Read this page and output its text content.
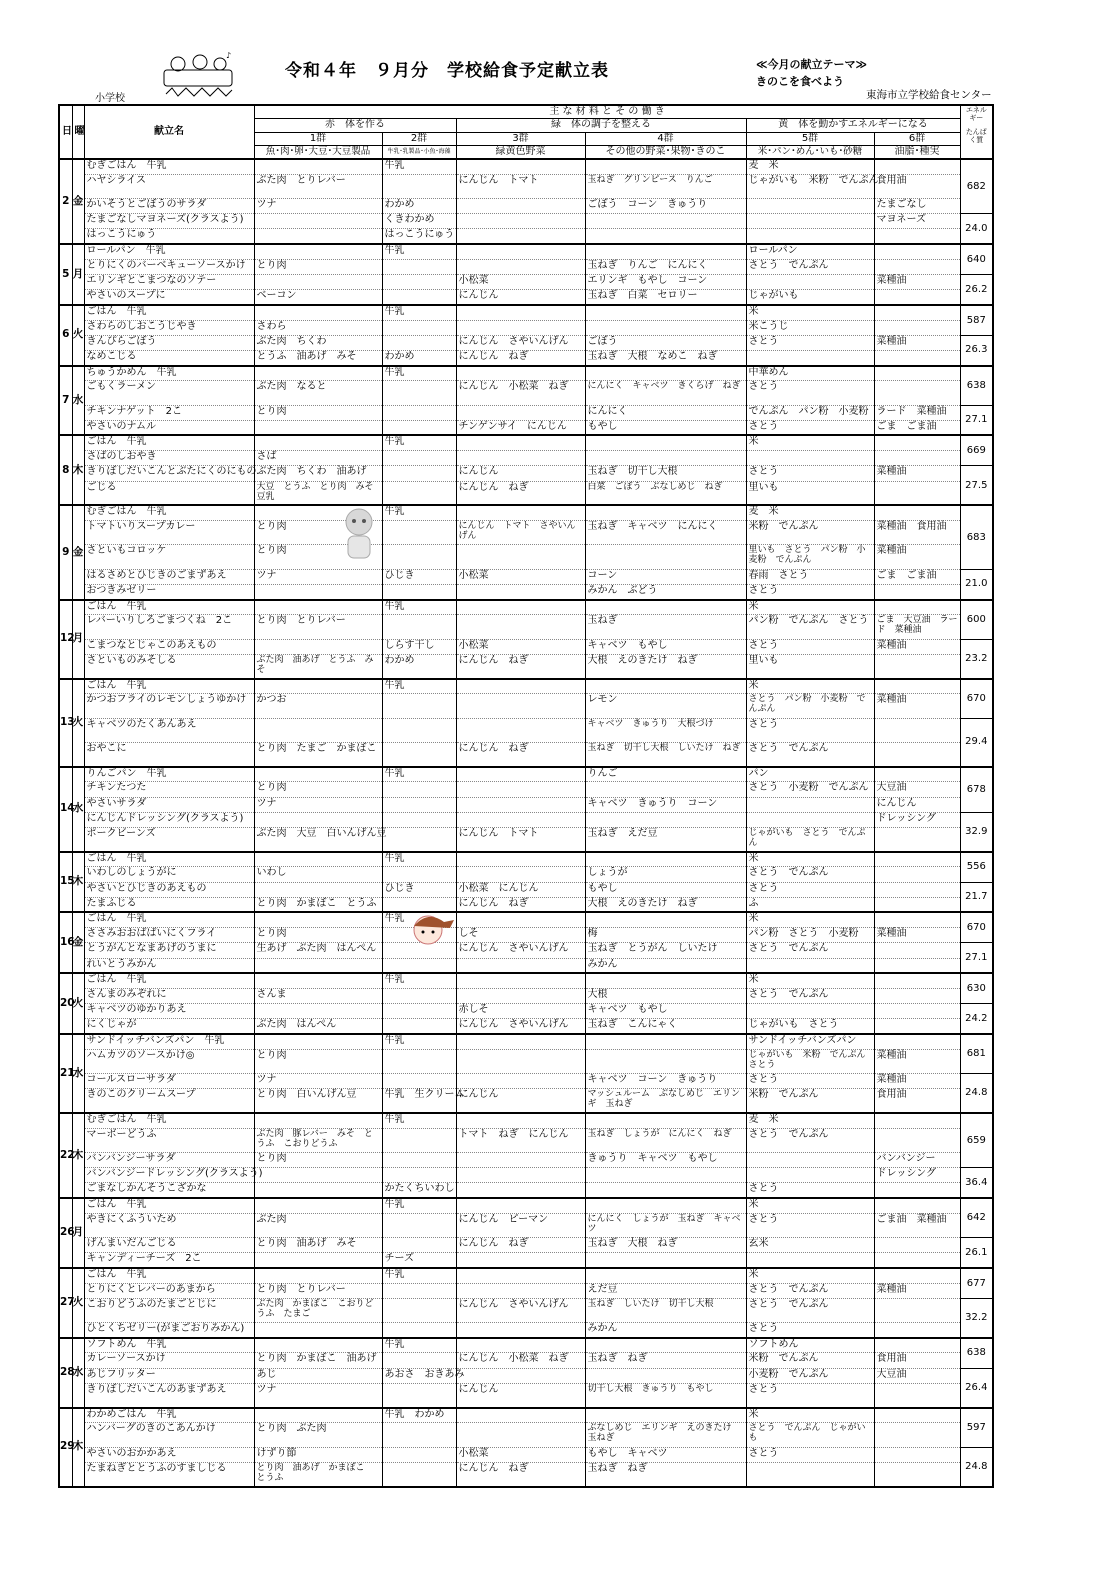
♪
令和４年　９月分　学校給食予定献立表	≪今月の献立テーマ≫
きのこを食べよう
小学校	東海市立学校給食センター
日	曜	献立名	主 な 材 料 と そ の 働 き						エネルギー
たんぱく質

			赤　体を作る		緑　体の調子を整える		黄　体を動かすエネルギーになる		
			1群	2群	3群	4群	5群	6群	
			魚･肉･卵･大豆･大豆製品	牛乳･乳製品･小魚･海藻	緑黄色野菜	その他の野菜･果物･きのこ	米･パン･めん･いも･砂糖	油脂･種実	
2	金	むぎごはん　牛乳		牛乳			麦　米		682
		ハヤシライス	ぶた肉　とりレバー		にんじん　トマト	玉ねぎ　グリンピース　りんご	じゃがいも　米粉　でんぷん	食用油	
		かいそうとごぼうのサラダ	ツナ	わかめ		ごぼう　コーン　きゅうり		たまごなし	
		たまごなしマヨネーズ(クラスよう)		くきわかめ				マヨネーズ	24.0
		はっこうにゅう		はっこうにゅう					
5	月	ロールパン　牛乳		牛乳			ロールパン		640
		とりにくのバーベキューソースかけ	とり肉			玉ねぎ　りんご　にんにく	さとう　でんぷん		
		エリンギとこまつなのソテー			小松菜	エリンギ　もやし　コーン		菜種油	26.2
		やさいのスープに	ベーコン		にんじん	玉ねぎ　白菜　セロリー	じゃがいも		
6	火	ごはん　牛乳		牛乳			米		587
		さわらのしおこうじやき	さわら				米こうじ		
		きんぴらごぼう	ぶた肉　ちくわ		にんじん　さやいんげん	ごぼう	さとう	菜種油	26.3
		なめこじる	とうふ　油あげ　みそ	わかめ	にんじん　ねぎ	玉ねぎ　大根　なめこ　ねぎ			
7	水	ちゅうかめん　牛乳		牛乳			中華めん		638
		ごもくラーメン	ぶた肉　なると		にんじん　小松菜　ねぎ	にんにく　キャベツ　きくらげ　ねぎ	さとう		
		チキンナゲット　2こ	とり肉			にんにく	でんぷん　パン粉　小麦粉	ラード　菜種油	27.1
		やさいのナムル			チンゲンサイ　にんじん	もやし	さとう	ごま　ごま油	
8	木	ごはん　牛乳		牛乳			米		669
		さばのしおやき	さば						
		きりぼしだいこんとぶたにくのにもの	ぶた肉　ちくわ　油あげ		にんじん	玉ねぎ　切干し大根	さとう	菜種油	27.5
		ごじる	大豆　とうふ　とり肉　みそ　豆乳		にんじん　ねぎ	白菜　ごぼう　ぶなしめじ　ねぎ	里いも		
9	金	むぎごはん　牛乳		牛乳			麦　米		683
		トマトいりスープカレー	とり肉		にんじん　トマト　さやいんげん	玉ねぎ　キャベツ　にんにく	米粉　でんぷん	菜種油　食用油	
		さといもコロッケ	とり肉				里いも　さとう　パン粉　小麦粉　でんぷん	菜種油	
		はるさめとひじきのごまずあえ	ツナ	ひじき	小松菜	コーン	春雨　さとう	ごま　ごま油	21.0
		おつきみゼリー				みかん　ぶどう	さとう		
12	月	ごはん　牛乳		牛乳			米		600
		レバーいりしろごまつくね　2こ	とり肉　とりレバー			玉ねぎ	パン粉　でんぷん　さとう	ごま　大豆油　ラード　菜種油	
		こまつなとじゃこのあえもの		しらす干し	小松菜	キャベツ　もやし	さとう	菜種油	23.2
		さといものみそしる	ぶた肉　油あげ　とうふ　みそ	わかめ	にんじん　ねぎ	大根　えのきたけ　ねぎ	里いも		
13	火	ごはん　牛乳		牛乳			米		670
		かつおフライのレモンしょうゆかけ	かつお			レモン	さとう　パン粉　小麦粉　でんぷん	菜種油	
		キャベツのたくあんあえ				キャベツ　きゅうり　大根づけ	さとう		29.4
		おやこに	とり肉　たまご　かまぼこ		にんじん　ねぎ	玉ねぎ　切干し大根　しいたけ　ねぎ	さとう　でんぷん		
14	水	りんごパン　牛乳		牛乳		りんご	パン		678
		チキンたつた	とり肉				さとう　小麦粉　でんぷん	大豆油	
		やさいサラダ	ツナ			キャベツ　きゅうり　コーン		にんじん	
		にんじんドレッシング(クラスよう)						ドレッシング	32.9
		ポークビーンズ	ぶた肉　大豆　白いんげん豆		にんじん　トマト	玉ねぎ　えだ豆	じゃがいも　さとう　でんぷん		
15	木	ごはん　牛乳		牛乳			米		556
		いわしのしょうがに	いわし			しょうが	さとう　でんぷん		
		やさいとひじきのあえもの		ひじき	小松菜　にんじん	もやし	さとう		21.7
		たまふじる	とり肉　かまぼこ　とうふ		にんじん　ねぎ	大根　えのきたけ　ねぎ	ふ		
16	金	ごはん　牛乳		牛乳			米		670
		ささみおおばばいにくフライ	とり肉		しそ	梅	パン粉　さとう　小麦粉	菜種油	
		とうがんとなまあげのうまに	生あげ　ぶた肉　はんぺん		にんじん　さやいんげん	玉ねぎ　とうがん　しいたけ	さとう　でんぷん		27.1
		れいとうみかん				みかん			
20	火	ごはん　牛乳		牛乳			米		630
		さんまのみぞれに	さんま			大根	さとう　でんぷん		
		キャベツのゆかりあえ			赤しそ	キャベツ　もやし			24.2
		にくじゃが	ぶた肉　はんぺん		にんじん　さやいんげん	玉ねぎ　こんにゃく	じゃがいも　さとう		
21	水	サンドイッチバンズパン　牛乳		牛乳			サンドイッチバンズパン		681
		ハムカツのソースかけ◎	とり肉				じゃがいも　米粉　でんぷん　さとう	菜種油	
		コールスローサラダ	ツナ			キャベツ　コーン　きゅうり	さとう	菜種油	24.8
		きのこのクリームスープ	とり肉　白いんげん豆	牛乳　生クリーム	にんじん	マッシュルーム　ぶなしめじ　エリンギ　玉ねぎ	米粉　でんぷん	食用油	
22	木	むぎごはん　牛乳		牛乳			麦　米		659
		マーボーどうふ	ぶた肉　豚レバー　みそ　とうふ　こおりどうふ		トマト　ねぎ　にんじん	玉ねぎ　しょうが　にんにく　ねぎ	さとう　でんぷん		
		バンバンジーサラダ	とり肉			きゅうり　キャベツ　もやし		バンバンジー	
		バンバンジードレッシング(クラスよう)						ドレッシング	36.4
		ごまなしかんそうこざかな		かたくちいわし			さとう		
26	月	ごはん　牛乳		牛乳			米		642
		やきにくふういため	ぶた肉		にんじん　ピーマン	にんにく　しょうが　玉ねぎ　キャベツ	さとう	ごま油　菜種油	
		げんまいだんごじる	とり肉　油あげ　みそ		にんじん　ねぎ	玉ねぎ　大根　ねぎ	玄米		26.1
		キャンディーチーズ　2こ		チーズ					
27	火	ごはん　牛乳		牛乳			米		677
		とりにくとレバーのあまから	とり肉　とりレバー			えだ豆	さとう　でんぷん	菜種油	
		こおりどうふのたまごとじに	ぶた肉　かまぼこ　こおりどうふ　たまご		にんじん　さやいんげん	玉ねぎ　しいたけ　切干し大根	さとう　でんぷん		32.2
		ひとくちゼリー(がまごおりみかん)				みかん	さとう		
28	水	ソフトめん　牛乳		牛乳			ソフトめん		638
		カレーソースかけ	とり肉　かまぼこ　油あげ		にんじん　小松菜　ねぎ	玉ねぎ　ねぎ	米粉　でんぷん	食用油	
		あじフリッター	あじ	あおさ　おきあみ			小麦粉　でんぷん	大豆油	26.4
		きりぼしだいこんのあまずあえ	ツナ		にんじん	切干し大根　きゅうり　もやし	さとう		
29	木	わかめごはん　牛乳		牛乳　わかめ			米		597
		ハンバーグのきのこあんかけ	とり肉　ぶた肉			ぶなしめじ　エリンギ　えのきたけ　玉ねぎ	さとう　でんぷん　じゃがいも		
		やさいのおかかあえ	けずり節		小松菜	もやし　キャベツ	さとう		24.8
		たまねぎととうふのすましじる	とり肉　油あげ　かまぼこ　とうふ		にんじん　ねぎ	玉ねぎ　ねぎ			
